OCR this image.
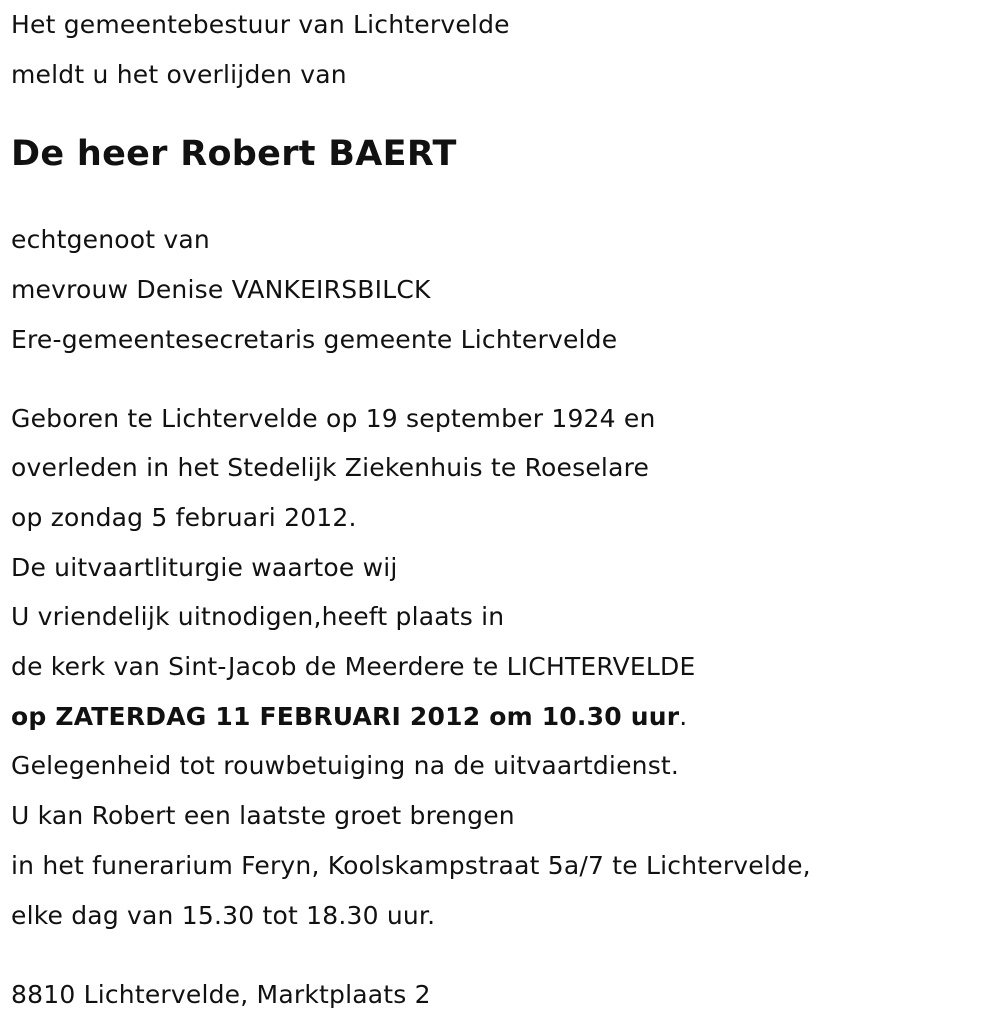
Het gemeentebestuur van Lichtervelde
meldt u het overlijden van
De heer Robert BAERT
echtgenoot van
mevrouw Denise VANKEIRSBILCK
Ere-gemeentesecretaris gemeente Lichtervelde
Geboren te Lichtervelde op 19 september 1924 en
overleden in het Stedelijk Ziekenhuis te Roeselare
op zondag 5 februari 2012.
De uitvaartliturgie waartoe wij
U vriendelijk uitnodigen,heeft plaats in
de kerk van Sint-Jacob de Meerdere te LICHTERVELDE
op ZATERDAG 11 FEBRUARI 2012 om 10.30 uur.
Gelegenheid tot rouwbetuiging na de uitvaartdienst.
U kan Robert een laatste groet brengen
in het funerarium Feryn, Koolskampstraat 5a/7 te Lichtervelde,
elke dag van 15.30 tot 18.30 uur.
8810 Lichtervelde, Marktplaats 2
